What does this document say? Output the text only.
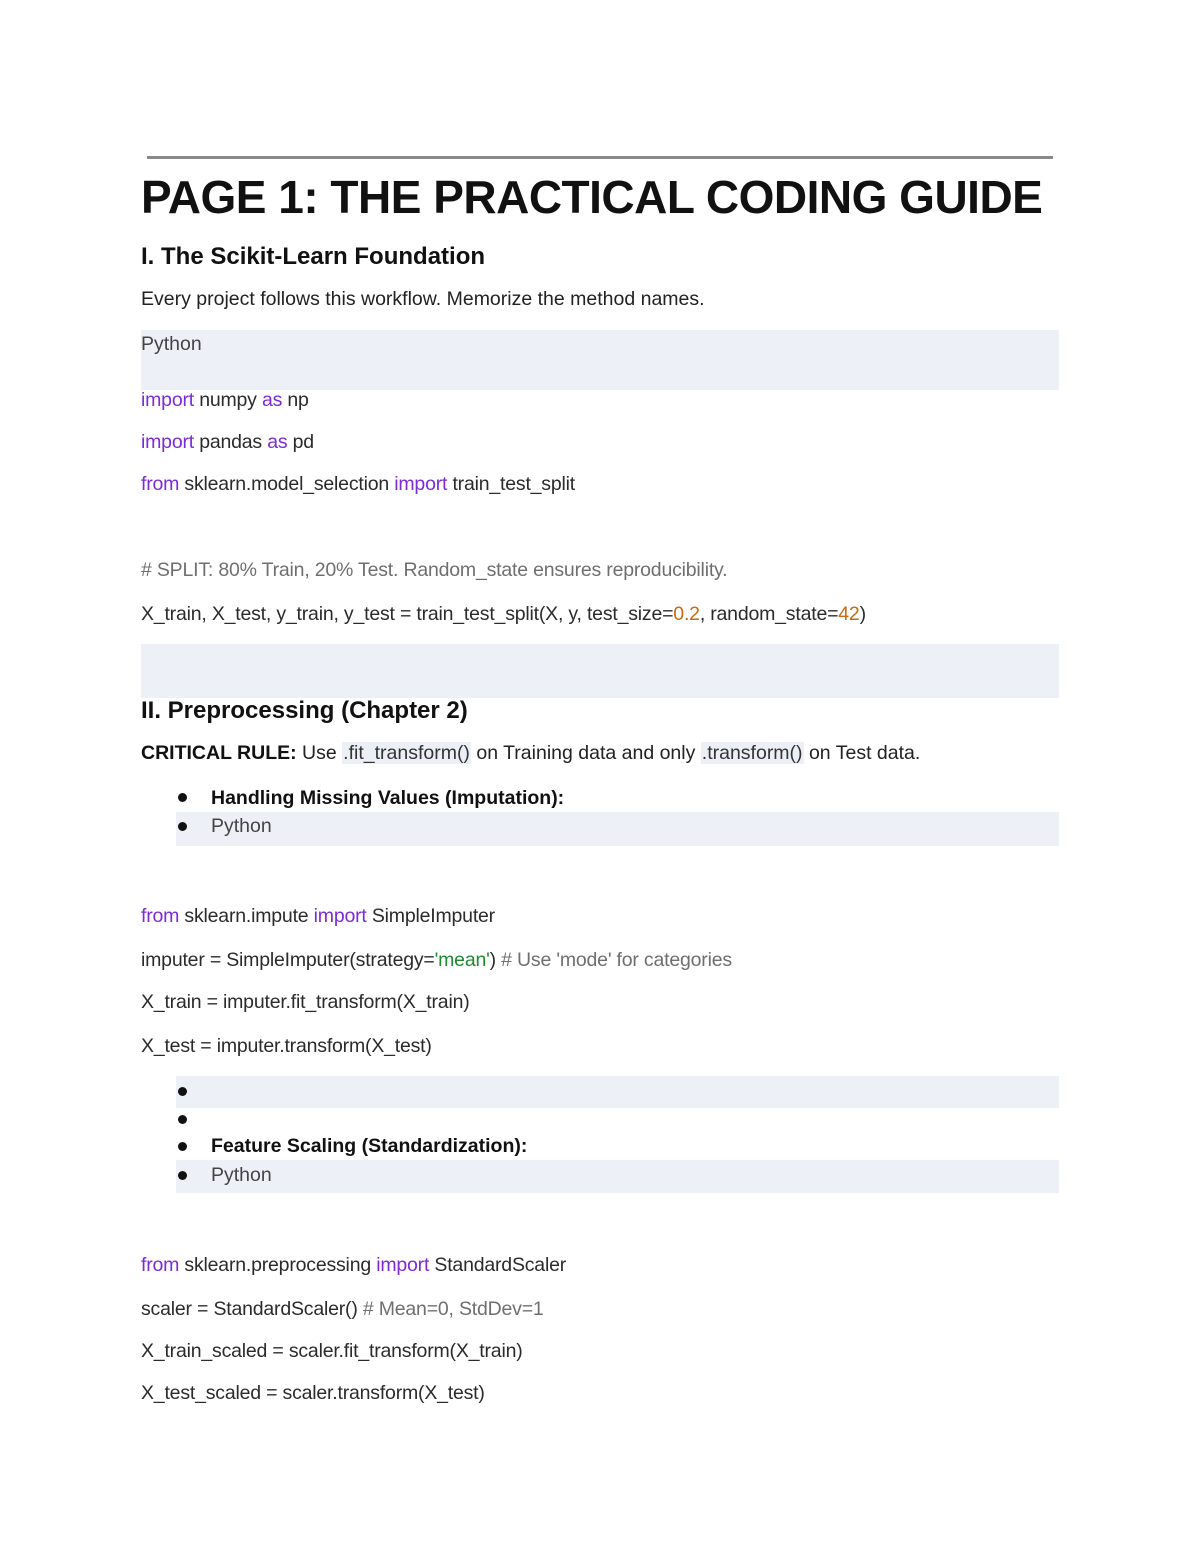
PAGE 1: THE PRACTICAL CODING GUIDE
I. The Scikit-Learn Foundation
Every project follows this workflow. Memorize the method names.
Python
import numpy as np
import pandas as pd
from sklearn.model_selection import train_test_split
# SPLIT: 80% Train, 20% Test. Random_state ensures reproducibility.
X_train, X_test, y_train, y_test = train_test_split(X, y, test_size=0.2, random_state=42)
II. Preprocessing (Chapter 2)
CRITICAL RULE: Use .fit_transform() on Training data and only .transform() on Test data.
Handling Missing Values (Imputation):
Python
from sklearn.impute import SimpleImputer
imputer = SimpleImputer(strategy='mean') # Use 'mode' for categories
X_train = imputer.fit_transform(X_train)
X_test = imputer.transform(X_test)
Feature Scaling (Standardization):
Python
from sklearn.preprocessing import StandardScaler
scaler = StandardScaler() # Mean=0, StdDev=1
X_train_scaled = scaler.fit_transform(X_train)
X_test_scaled = scaler.transform(X_test)
